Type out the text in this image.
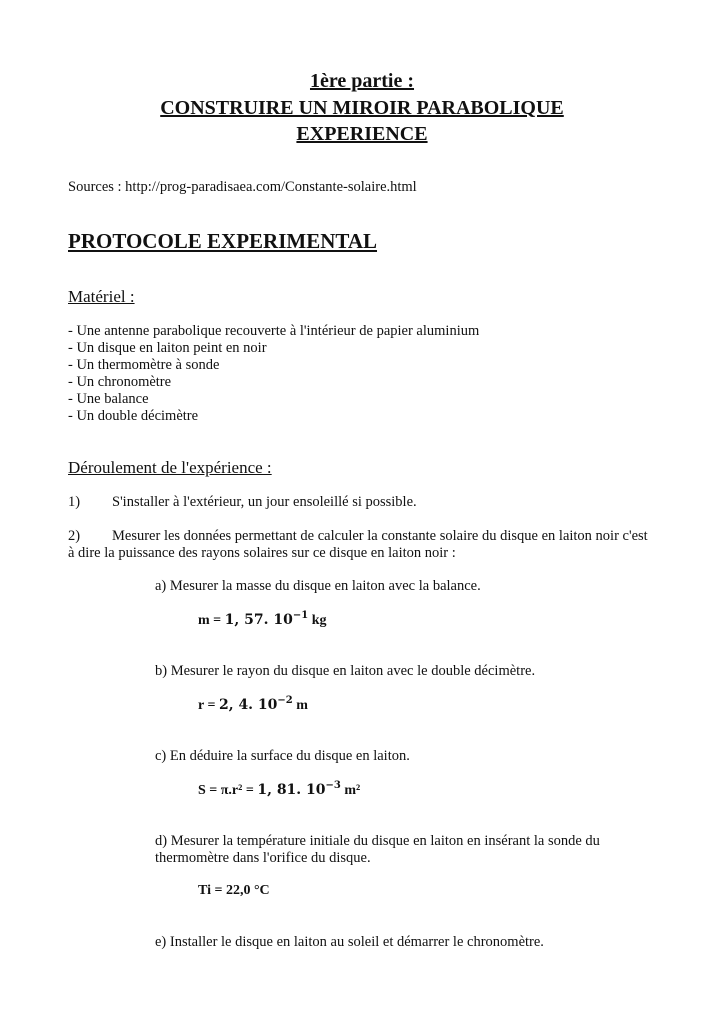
1ère partie :
CONSTRUIRE UN MIROIR PARABOLIQUE
EXPERIENCE
Sources : http://prog-paradisaea.com/Constante-solaire.html
PROTOCOLE EXPERIMENTAL
Matériel :
- Une antenne parabolique recouverte à l'intérieur de papier aluminium
- Un disque en laiton peint en noir
- Un thermomètre à sonde
- Un chronomètre
- Une balance
- Un double décimètre
Déroulement de l'expérience :
1) S'installer à l'extérieur, un jour ensoleillé si possible.
2) Mesurer les données permettant de calculer la constante solaire du disque en laiton noir c'est
à dire la puissance des rayons solaires sur ce disque en laiton noir :
a) Mesurer la masse du disque en laiton avec la balance.
m = 1, 57. $10^{-1}$ kg
b) Mesurer le rayon du disque en laiton avec le double décimètre.
r = 2, 4. $10^{-2}$ m
c) En déduire la surface du disque en laiton.
S = π.r² = 1, 81. $10^{-3}$ m²
d) Mesurer la température initiale du disque en laiton en insérant la sonde du
thermomètre dans l'orifice du disque.
Ti = 22,0 °C
e) Installer le disque en laiton au soleil et démarrer le chronomètre.
